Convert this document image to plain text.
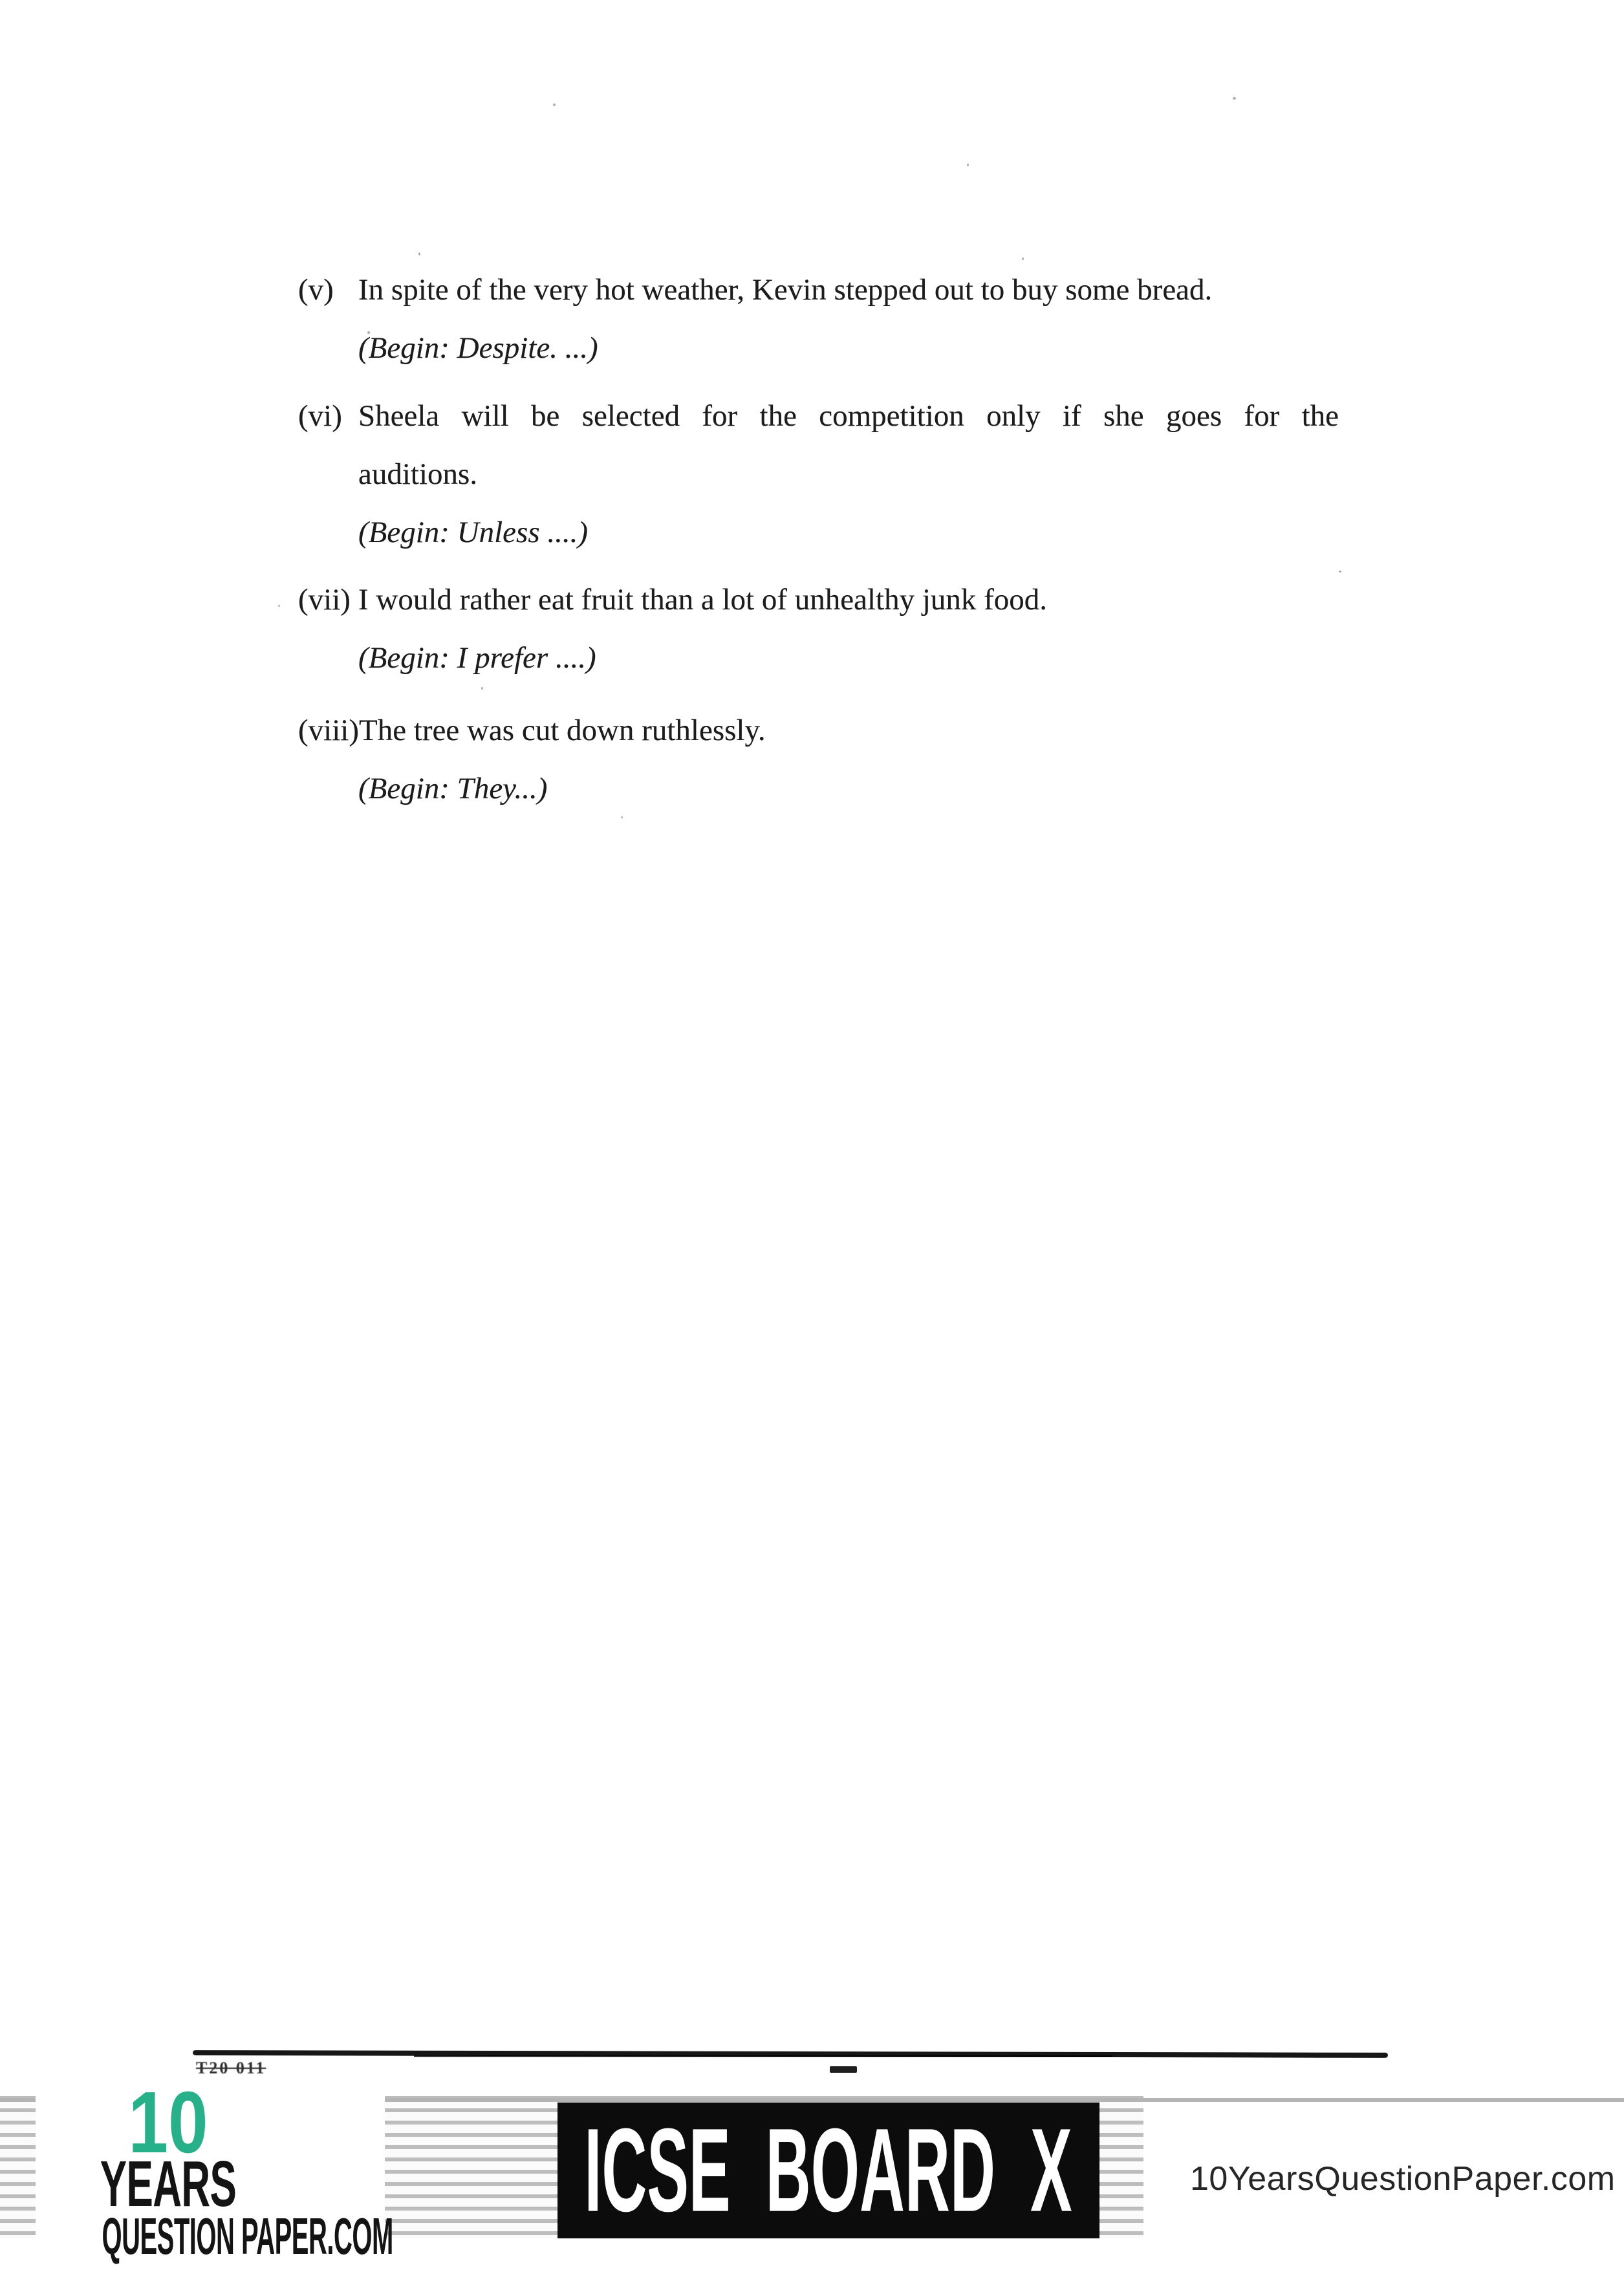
(v) In spite of the very hot weather, Kevin stepped out to buy some bread.
(Begin: Despite. ...)
(vi) Sheela will be selected for the competition only if she goes for the
auditions.
(Begin: Unless ....)
(vii) I would rather eat fruit than a lot of unhealthy junk food.
(Begin: I prefer ....)
(viii) The tree was cut down ruthlessly.
(Begin: They...)
T20 011
10
YEARS
QUESTION PAPER.COM ICSE BOARD X	10YearsQuestionPaper.com
